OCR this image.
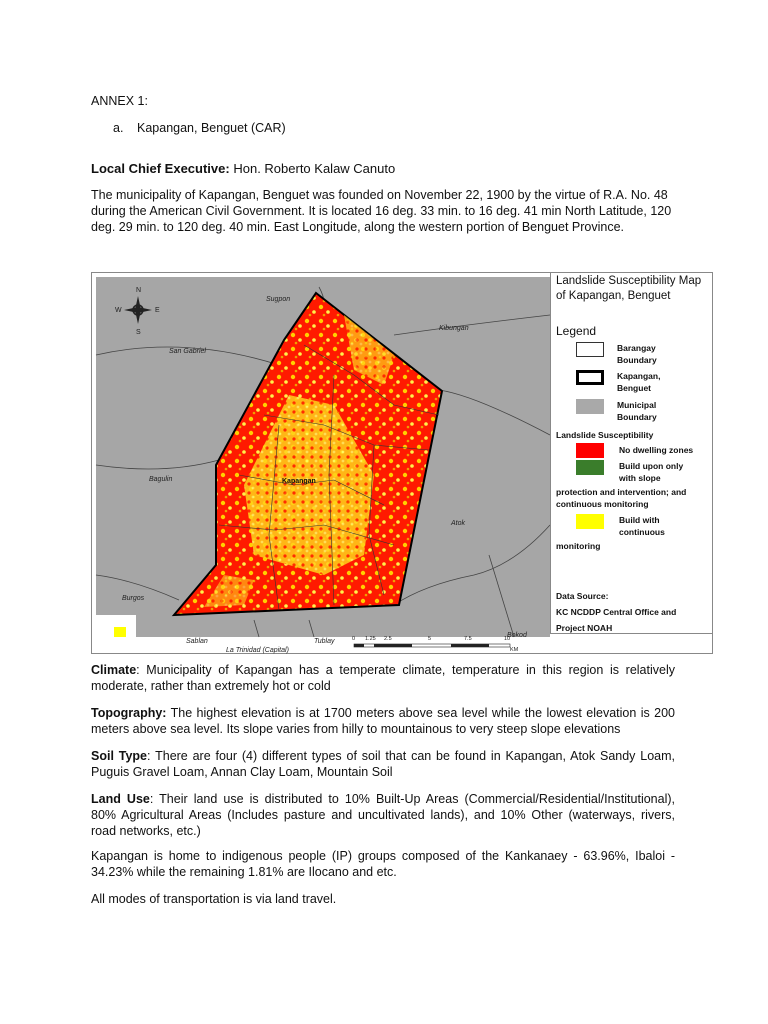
ANNEX 1:
a. Kapangan, Benguet (CAR)
Local Chief Executive: Hon. Roberto Kalaw Canuto
The municipality of Kapangan, Benguet was founded on November 22, 1900 by the virtue of R.A. No. 48 during the American Civil Government. It is located 16 deg. 33 min. to 16 deg. 41 min North Latitude, 120 deg. 29 min. to 120 deg. 40 min. East Longitude, along the western portion of Benguet Province.
N
S
E
W
Sugpon
Kibungan
San Gabriel
Bagulin
Atok
Burgos
Sablan
La Trinidad (Capital)
Tublay
Bokod
Kapangan
0 1.25 2.5	5	7.5	10
KM
Landslide Susceptibility Map of Kapangan, Benguet
Legend
Barangay Boundary
Kapangan, Benguet
Municipal Boundary
Landslide Susceptibility
No dwelling zones
Build upon only with slope
protection and intervention; and continuous monitoring
Build with continuous
monitoring
Data Source:
KC NCDDP Central Office and
Project NOAH
Climate: Municipality of Kapangan has a temperate climate, temperature in this region is relatively moderate, rather than extremely hot or cold
Topography: The highest elevation is at 1700 meters above sea level while the lowest elevation is 200 meters above sea level. Its slope varies from hilly to mountainous to very steep slope elevations
Soil Type: There are four (4) different types of soil that can be found in Kapangan, Atok Sandy Loam, Puguis Gravel Loam, Annan Clay Loam, Mountain Soil
Land Use: Their land use is distributed to 10% Built-Up Areas (Commercial/Residential/Institutional), 80% Agricultural Areas (Includes pasture and uncultivated lands), and 10% Other (waterways, rivers, road networks, etc.)
Kapangan is home to indigenous people (IP) groups composed of the Kankanaey - 63.96%, Ibaloi - 34.23% while the remaining 1.81% are Ilocano and etc.
All modes of transportation is via land travel.
